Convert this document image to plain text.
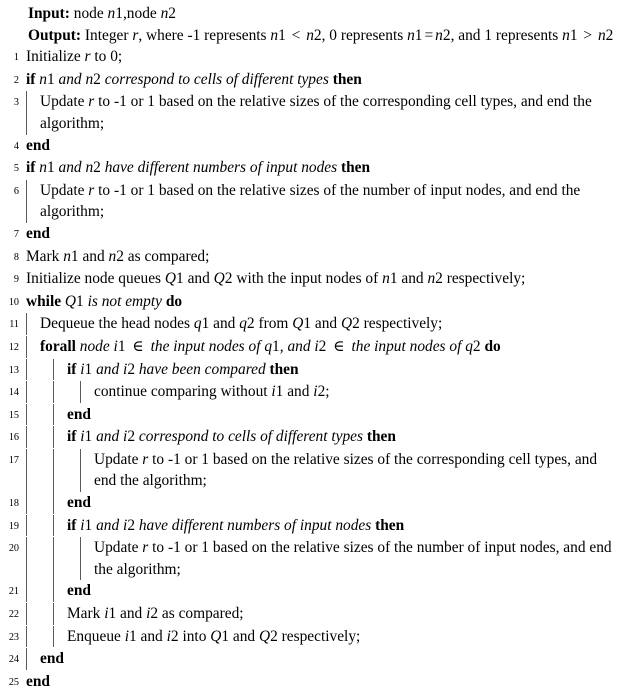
Input: node n1,node n2
Output: Integer r, where -1 represents n1 < n2, 0 represents n1 = n2, and 1 represents n1 > n2
1 Initialize r to 0;
2 if n1 and n2 correspond to cells of different types then
3	Update r to -1 or 1 based on the relative sizes of the corresponding cell types, and end the algorithm;
4 end
5 if n1 and n2 have different numbers of input nodes then
6	Update r to -1 or 1 based on the relative sizes of the number of input nodes, and end the algorithm;
7 end
8 Mark n1 and n2 as compared;
9 Initialize node queues Q1 and Q2 with the input nodes of n1 and n2 respectively;
10 while Q1 is not empty do
11	Dequeue the head nodes q1 and q2 from Q1 and Q2 respectively;
12	forall node i1 ∈ the input nodes of q1, and i2 ∈ the input nodes of q2 do
13	if i1 and i2 have been compared then
14	continue comparing without i1 and i2;
15	end
16	if i1 and i2 correspond to cells of different types then
17	Update r to -1 or 1 based on the relative sizes of the corresponding cell types, and end the algorithm;
18	end
19	if i1 and i2 have different numbers of input nodes then
20	Update r to -1 or 1 based on the relative sizes of the number of input nodes, and end the algorithm;
21	end
22	Mark i1 and i2 as compared;
23	Enqueue i1 and i2 into Q1 and Q2 respectively;
24	end
25 end
